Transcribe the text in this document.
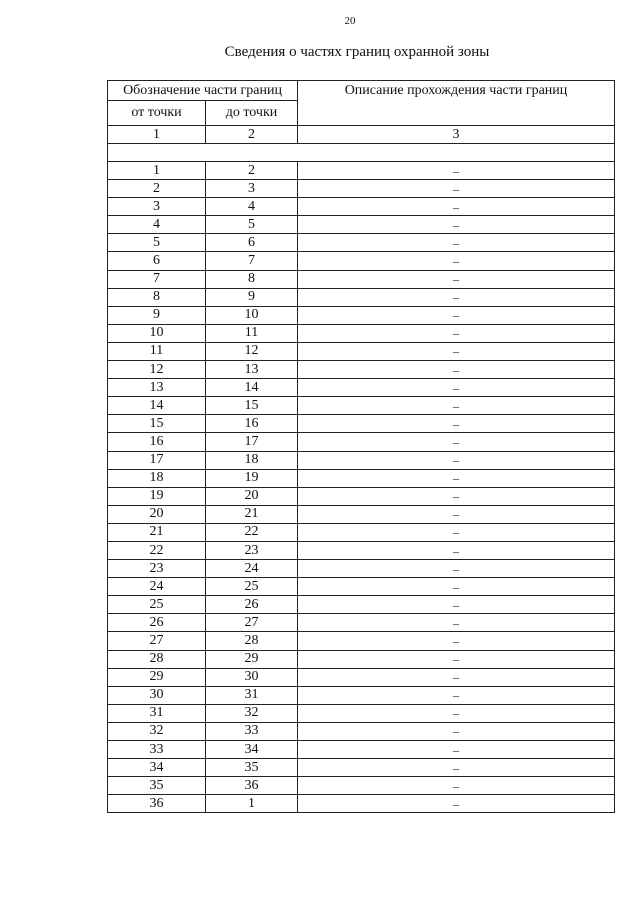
20
Сведения о частях границ охранной зоны
Обозначение части границ		Описание прохождения части границ
от точки	до точки	
1	2	3

1	2	–
2	3	–
3	4	–
4	5	–
5	6	–
6	7	–
7	8	–
8	9	–
9	10	–
10	11	–
11	12	–
12	13	–
13	14	–
14	15	–
15	16	–
16	17	–
17	18	–
18	19	–
19	20	–
20	21	–
21	22	–
22	23	–
23	24	–
24	25	–
25	26	–
26	27	–
27	28	–
28	29	–
29	30	–
30	31	–
31	32	–
32	33	–
33	34	–
34	35	–
35	36	–
36	1	–
